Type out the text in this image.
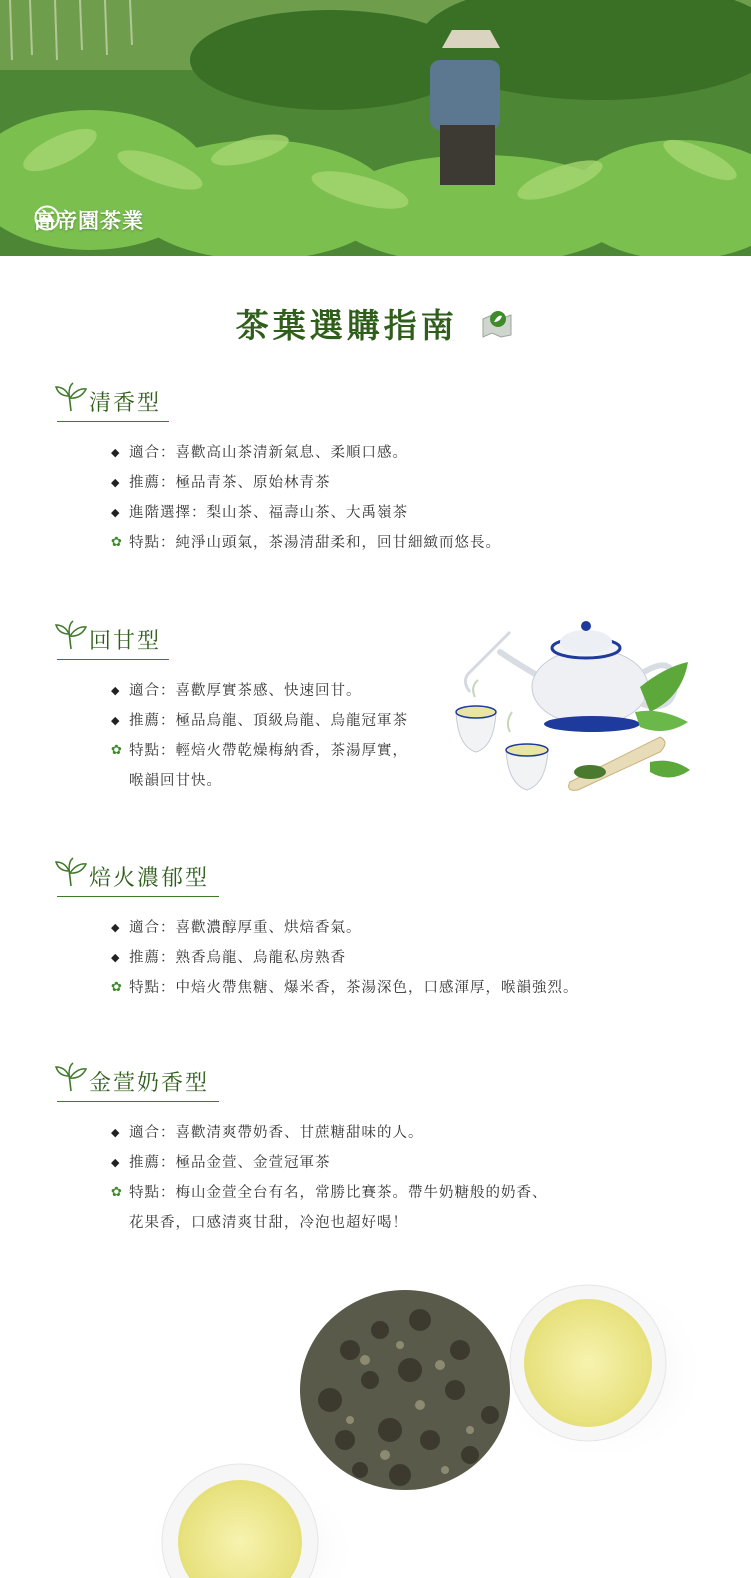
高帝園茶業
茶葉選購指南
清香型
◆ 適合：喜歡高山茶清新氣息、柔順口感。
◆ 推薦：極品青茶、原始林青茶
◆ 進階選擇：梨山茶、福壽山茶、大禹嶺茶
✿ 特點：純淨山頭氣，茶湯清甜柔和，回甘細緻而悠長。
回甘型
◆ 適合：喜歡厚實茶感、快速回甘。
◆ 推薦：極品烏龍、頂級烏龍、烏龍冠軍茶
✿ 特點：輕焙火帶乾燥梅納香，茶湯厚實，
喉韻回甘快。
焙火濃郁型
◆ 適合：喜歡濃醇厚重、烘焙香氣。
◆ 推薦：熟香烏龍、烏龍私房熟香
✿ 特點：中焙火帶焦糖、爆米香，茶湯深色，口感渾厚，喉韻強烈。
金萱奶香型
◆ 適合：喜歡清爽帶奶香、甘蔗糖甜味的人。
◆ 推薦：極品金萱、金萱冠軍茶
✿ 特點：梅山金萱全台有名，常勝比賽茶。帶牛奶糖般的奶香、
花果香，口感清爽甘甜，冷泡也超好喝！
